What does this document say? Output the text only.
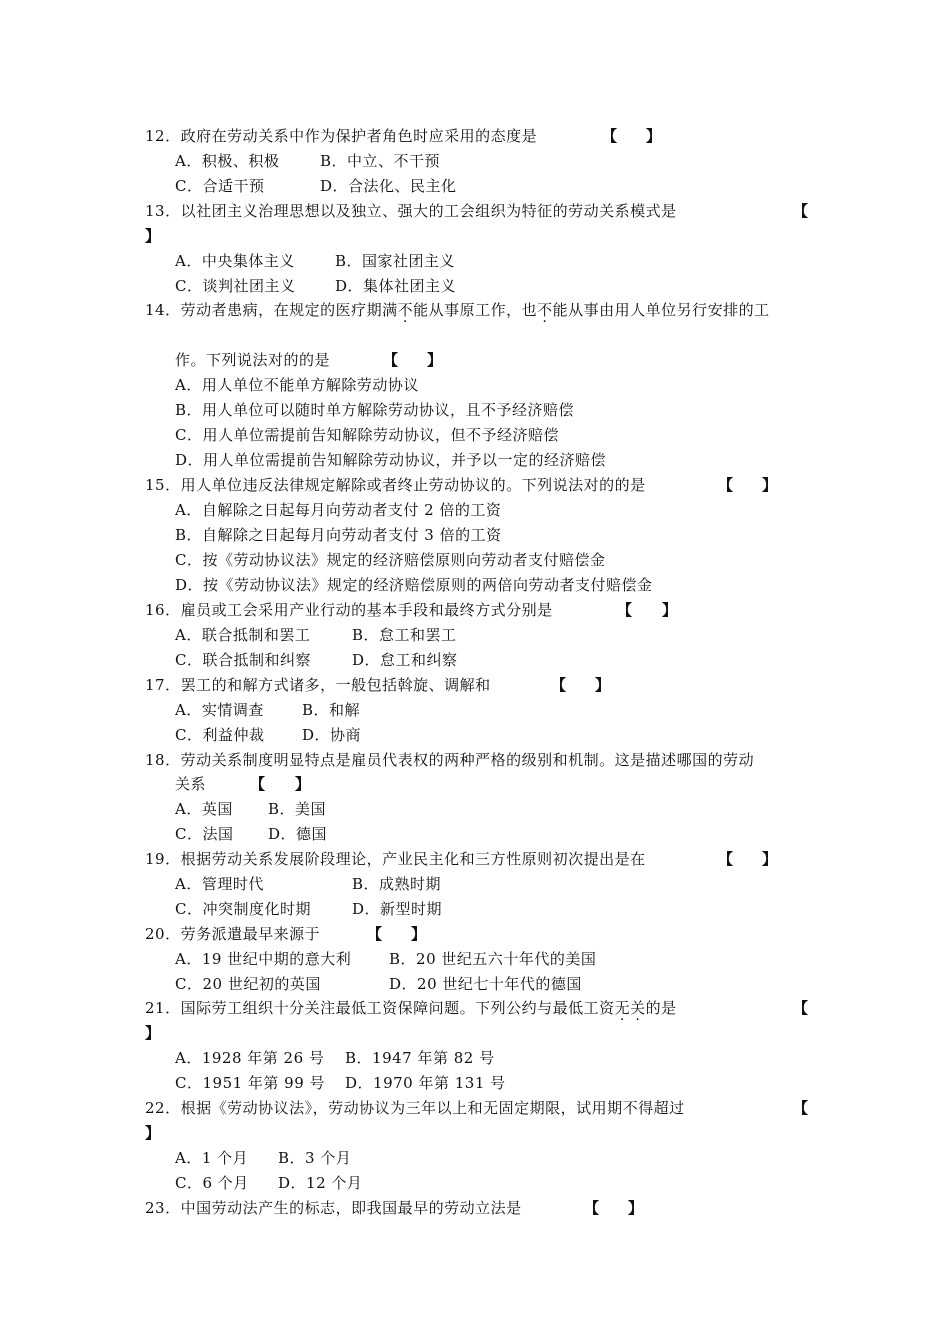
12．政府在劳动关系中作为保护者角色时应采用的态度是	【 】
A．积极、积极	B．中立、不干预
C．合适干预	D．合法化、民主化
13．以社团主义治理思想以及独立、强大的工会组织为特征的劳动关系模式是	【
】
A．中央集体主义	B．国家社团主义
C．谈判社团主义	D．集体社团主义
14．劳动者患病，在规定的医疗期满不能从事原工作，也不能从事由用人单位另行安排的工
作。下列说法对的的是	【 】
A．用人单位不能单方解除劳动协议
B．用人单位可以随时单方解除劳动协议，且不予经济赔偿
C．用人单位需提前告知解除劳动协议，但不予经济赔偿
D．用人单位需提前告知解除劳动协议，并予以一定的经济赔偿
15．用人单位违反法律规定解除或者终止劳动协议的。下列说法对的的是	【 】
A．自解除之日起每月向劳动者支付 2 倍的工资
B．自解除之日起每月向劳动者支付 3 倍的工资
C．按《劳动协议法》规定的经济赔偿原则向劳动者支付赔偿金
D．按《劳动协议法》规定的经济赔偿原则的两倍向劳动者支付赔偿金
16．雇员或工会采用产业行动的基本手段和最终方式分别是	【 】
A．联合抵制和罢工	B．怠工和罢工
C．联合抵制和纠察	D．怠工和纠察
17．罢工的和解方式诸多，一般包括斡旋、调解和	【 】
A．实情调查	B．和解
C．利益仲裁	D．协商
18．劳动关系制度明显特点是雇员代表权的两种严格的级别和机制。这是描述哪国的劳动
关系	【 】
A．英国 B．美国
C．法国 D．德国
19．根据劳动关系发展阶段理论，产业民主化和三方性原则初次提出是在	【 】
A．管理时代	B．成熟时期
C．冲突制度化时期	D．新型时期
20．劳务派遣最早来源于	【 】
A．19 世纪中期的意大利	B．20 世纪五六十年代的美国
C．20 世纪初的英国	D．20 世纪七十年代的德国
21．国际劳工组织十分关注最低工资保障问题。下列公约与最低工资无关的是	【
】
A．1928 年第 26 号 B．1947 年第 82 号
C．1951 年第 99 号 D．1970 年第 131 号
22．根据《劳动协议法》，劳动协议为三年以上和无固定期限，试用期不得超过	【
】
A．1 个月 B．3 个月
C．6 个月 D．12 个月
23．中国劳动法产生的标志，即我国最早的劳动立法是	【 】
